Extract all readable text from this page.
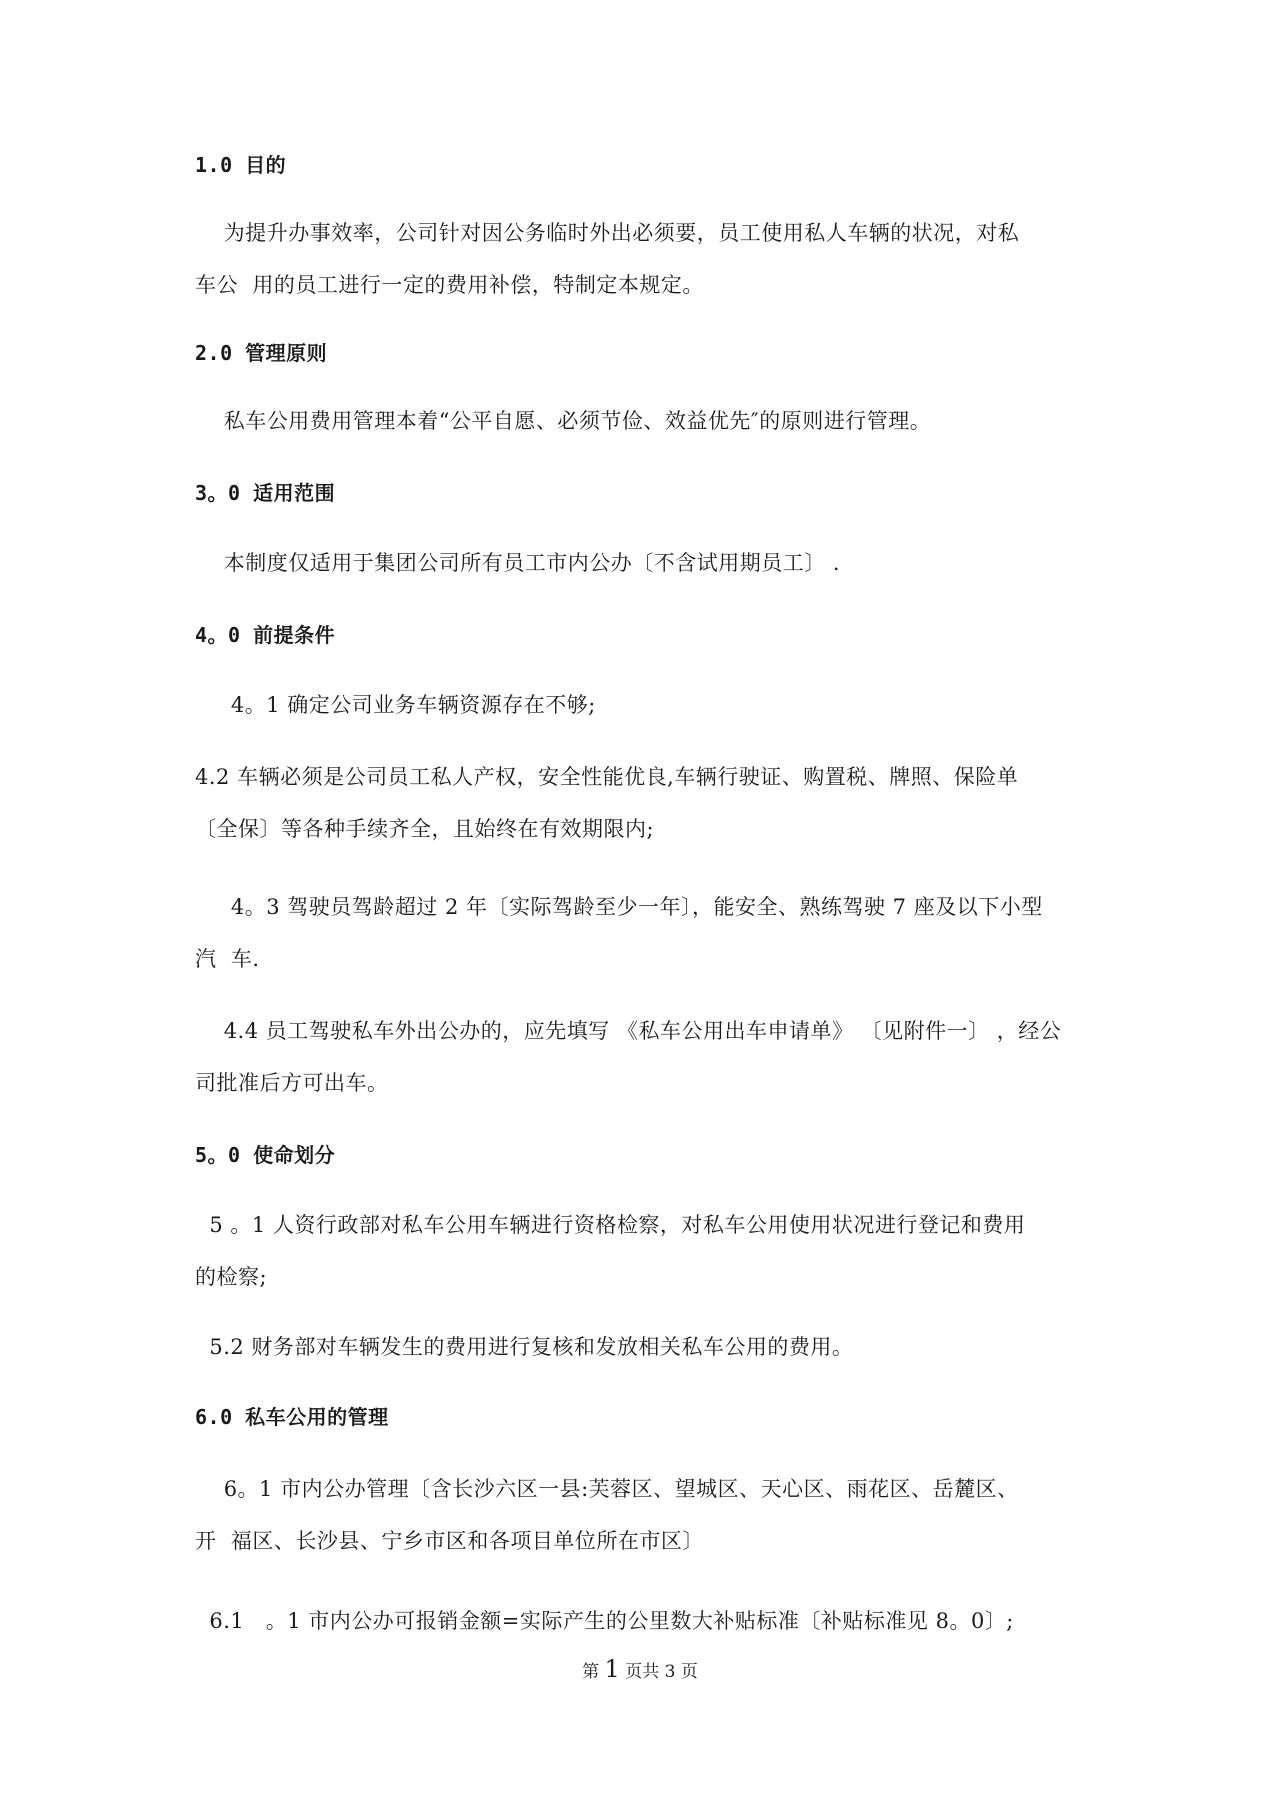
1.0 目的
为提升办事效率，公司针对因公务临时外出必须要，员工使用私人车辆的状况，对私
车公  用的员工进行一定的费用补偿，特制定本规定。
2.0 管理原则
私车公用费用管理本着“公平自愿、必须节俭、效益优先″的原则进行管理。
3。0 适用范围
本制度仅适用于集团公司所有员工市内公办〔不含试用期员工〕 .
4。0 前提条件
4。1 确定公司业务车辆资源存在不够;
4.2 车辆必须是公司员工私人产权，安全性能优良,车辆行驶证、购置税、牌照、保险单
〔全保〕等各种手续齐全，且始终在有效期限内;
4。3 驾驶员驾龄超过 2 年〔实际驾龄至少一年〕，能安全、熟练驾驶 7 座及以下小型
汽  车.
4.4 员工驾驶私车外出公办的，应先填写 《私车公用出车申请单》 〔见附件一〕 ，经公
司批准后方可出车。
5。0 使命划分
5 。1 人资行政部对私车公用车辆进行资格检察，对私车公用使用状况进行登记和费用
的检察;
5.2 财务部对车辆发生的费用进行复核和发放相关私车公用的费用。
6.0 私车公用的管理
6。1 市内公办管理〔含长沙六区一县:芙蓉区、望城区、天心区、雨花区、岳麓区、
开  福区、长沙县、宁乡市区和各项目单位所在市区〕
6.1   。1 市内公办可报销金额=实际产生的公里数大补贴标准〔补贴标准见 8。0〕;
第 1 页共 3 页
